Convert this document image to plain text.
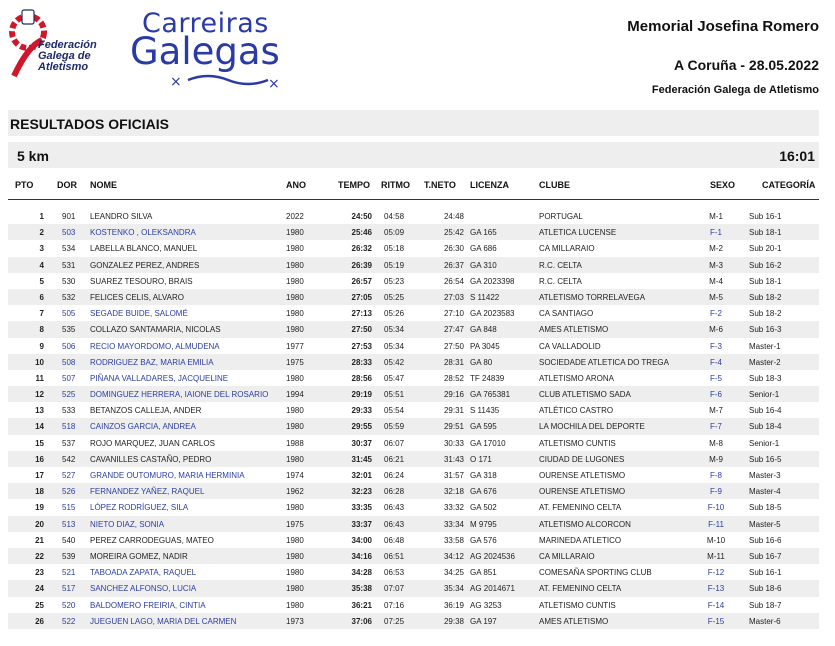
Federación
Galega de
Atletismo
×	×
Carreiras
Galegas
Memorial Josefina Romero
A Coruña - 28.05.2022
Federación Galega de Atletismo
RESULTADOS OFICIAIS
5 km	16:01
PTO	DOR NOME	ANO	TEMPO RITMO T.NETO LICENZA	CLUBE	SEXO	CATEGORÍA
1 901 LEANDRO SILVA	2022	24:50 04:58	24:48	PORTUGAL	M-1	Sub 16-1
2 503 KOSTENKO , OLEKSANDRA	1980	25:46 05:09	25:42 GA 165	ATLETICA LUCENSE	F-1	Sub 18-1
3 534 LABELLA BLANCO, MANUEL	1980	26:32 05:18	26:30 GA 686	CA MILLARAIO	M-2	Sub 20-1
4 531 GONZALEZ PEREZ, ANDRES	1980	26:39 05:19	26:37 GA 310	R.C. CELTA	M-3	Sub 16-2
5 530 SUAREZ TESOURO, BRAIS	1980	26:57 05:23	26:54 GA 2023398	R.C. CELTA	M-4	Sub 18-1
6 532 FELICES CELIS, ALVARO	1980	27:05 05:25	27:03 S 11422	ATLETISMO TORRELAVEGA	M-5	Sub 18-2
7 505 SEGADE BUIDE, SALOMÉ	1980	27:13 05:26	27:10 GA 2023583	CA SANTIAGO	F-2	Sub 18-2
8 535 COLLAZO SANTAMARIA, NICOLAS	1980	27:50 05:34	27:47 GA 848	AMES ATLETISMO	M-6	Sub 16-3
9 506 RECIO MAYORDOMO, ALMUDENA	1977	27:53 05:34	27:50 PA 3045	CA VALLADOLID	F-3	Master-1
10 508 RODRIGUEZ BAZ, MARIA EMILIA	1975	28:33 05:42	28:31 GA 80	SOCIEDADE ATLETICA DO TREGA	F-4	Master-2
11 507 PIÑANA VALLADARES, JACQUELINE	1980	28:56 05:47	28:52 TF 24839	ATLETISMO ARONA	F-5	Sub 18-3
12 525 DOMINGUEZ HERRERA, IAIONE DEL ROSARIO 1994	29:19 05:51	29:16 GA 765381	CLUB ATLETISMO SADA	F-6	Senior-1
13 533 BETANZOS CALLEJA, ANDER	1980	29:33 05:54	29:31 S 11435	ATLÉTICO CASTRO	M-7	Sub 16-4
14 518 CAINZOS GARCIA, ANDREA	1980	29:55 05:59	29:51 GA 595	LA MOCHILA DEL DEPORTE	F-7	Sub 18-4
15 537 ROJO MARQUEZ, JUAN CARLOS	1988	30:37 06:07	30:33 GA 17010	ATLETISMO CUNTIS	M-8	Senior-1
16 542 CAVANILLES CASTAÑO, PEDRO	1980	31:45 06:21	31:43 O 171	CIUDAD DE LUGONES	M-9	Sub 16-5
17 527 GRANDE OUTOMURO, MARIA HERMINIA	1974	32:01 06:24	31:57 GA 318	OURENSE ATLETISMO	F-8	Master-3
18 526 FERNANDEZ YAÑEZ, RAQUEL	1962	32:23 06:28	32:18 GA 676	OURENSE ATLETISMO	F-9	Master-4
19 515 LÓPEZ RODRÍGUEZ, SILA	1980	33:35 06:43	33:32 GA 502	AT. FEMENINO CELTA	F-10	Sub 18-5
20 513 NIETO DIAZ, SONIA	1975	33:37 06:43	33:34 M 9795	ATLETISMO ALCORCON	F-11	Master-5
21 540 PEREZ CARRODEGUAS, MATEO	1980	34:00 06:48	33:58 GA 576	MARINEDA ATLETICO	M-10	Sub 16-6
22 539 MOREIRA GOMEZ, NADIR	1980	34:16 06:51	34:12 AG 2024536	CA MILLARAIO	M-11	Sub 16-7
23 521 TABOADA ZAPATA, RAQUEL	1980	34:28 06:53	34:25 GA 851	COMESAÑA SPORTING CLUB	F-12	Sub 16-1
24 517 SANCHEZ ALFONSO, LUCIA	1980	35:38 07:07	35:34 AG 2014671	AT. FEMENINO CELTA	F-13	Sub 18-6
25 520 BALDOMERO FREIRIA, CINTIA	1980	36:21 07:16	36:19 AG 3253	ATLETISMO CUNTIS	F-14	Sub 18-7
26 522 JUEGUEN LAGO, MARIA DEL CARMEN	1973	37:06 07:25	29:38 GA 197	AMES ATLETISMO	F-15	Master-6
